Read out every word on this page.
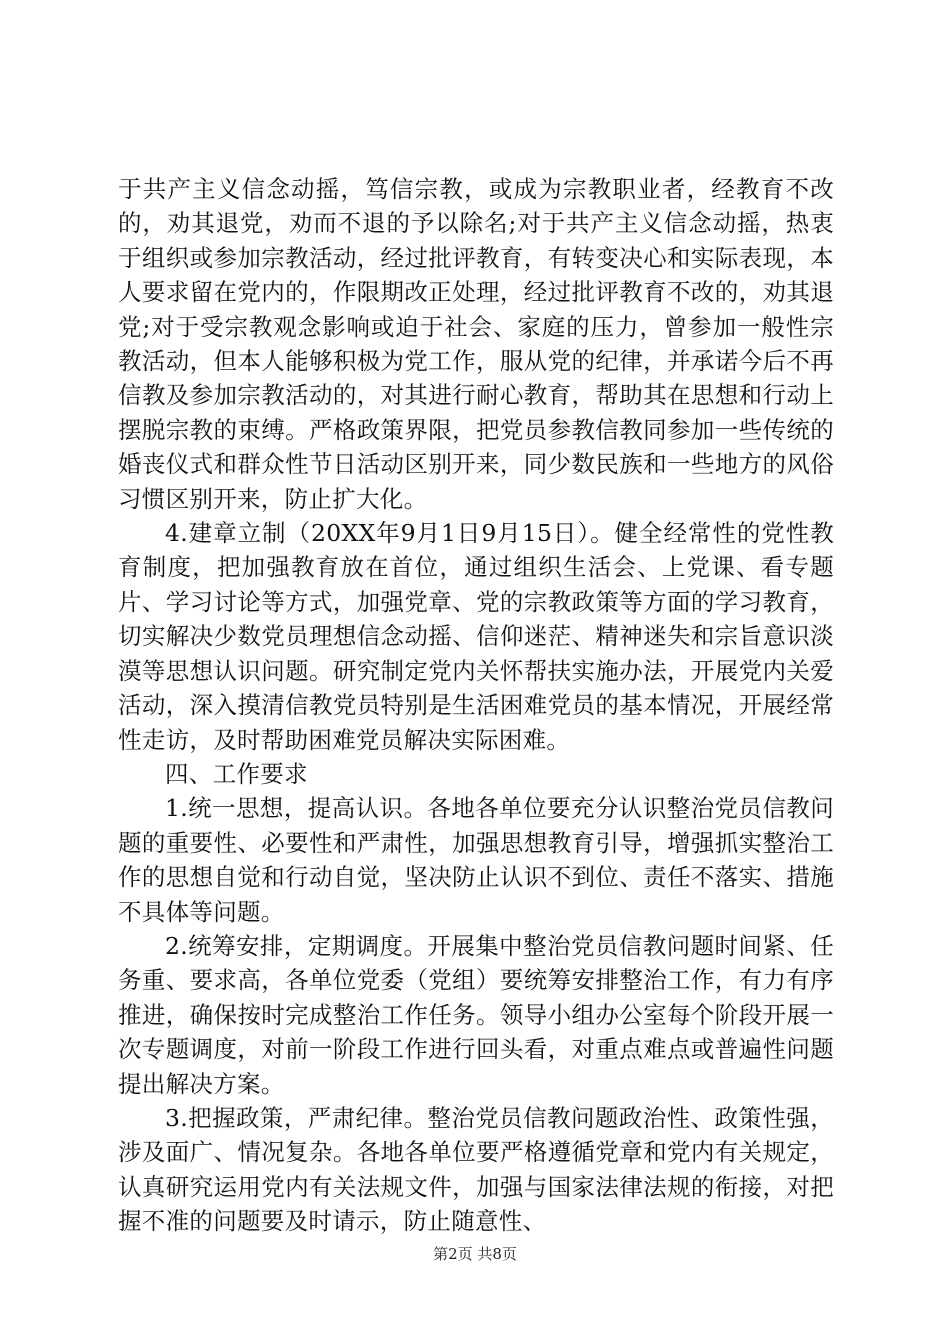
于共产主义信念动摇，笃信宗教，或成为宗教职业者，经教育不改的，劝其退党，劝而不退的予以除名;对于共产主义信念动摇，热衷于组织或参加宗教活动，经过批评教育，有转变决心和实际表现，本人要求留在党内的，作限期改正处理，经过批评教育不改的，劝其退党;对于受宗教观念影响或迫于社会、家庭的压力，曾参加一般性宗教活动，但本人能够积极为党工作，服从党的纪律，并承诺今后不再信教及参加宗教活动的，对其进行耐心教育，帮助其在思想和行动上摆脱宗教的束缚。严格政策界限，把党员参教信教同参加一些传统的婚丧仪式和群众性节日活动区别开来，同少数民族和一些地方的风俗习惯区别开来，防止扩大化。

4.建章立制（20XX年9月1日9月15日）。健全经常性的党性教育制度，把加强教育放在首位，通过组织生活会、上党课、看专题片、学习讨论等方式，加强党章、党的宗教政策等方面的学习教育，切实解决少数党员理想信念动摇、信仰迷茫、精神迷失和宗旨意识淡漠等思想认识问题。研究制定党内关怀帮扶实施办法，开展党内关爱活动，深入摸清信教党员特别是生活困难党员的基本情况，开展经常性走访，及时帮助困难党员解决实际困难。

四、工作要求

1.统一思想，提高认识。各地各单位要充分认识整治党员信教问题的重要性、必要性和严肃性，加强思想教育引导，增强抓实整治工作的思想自觉和行动自觉，坚决防止认识不到位、责任不落实、措施不具体等问题。

2.统筹安排，定期调度。开展集中整治党员信教问题时间紧、任务重、要求高，各单位党委（党组）要统筹安排整治工作，有力有序推进，确保按时完成整治工作任务。领导小组办公室每个阶段开展一次专题调度，对前一阶段工作进行回头看，对重点难点或普遍性问题提出解决方案。

3.把握政策，严肃纪律。整治党员信教问题政治性、政策性强，涉及面广、情况复杂。各地各单位要严格遵循党章和党内有关规定，认真研究运用党内有关法规文件，加强与国家法律法规的衔接，对把握不准的问题要及时请示，防止随意性、

第2页 共8页
